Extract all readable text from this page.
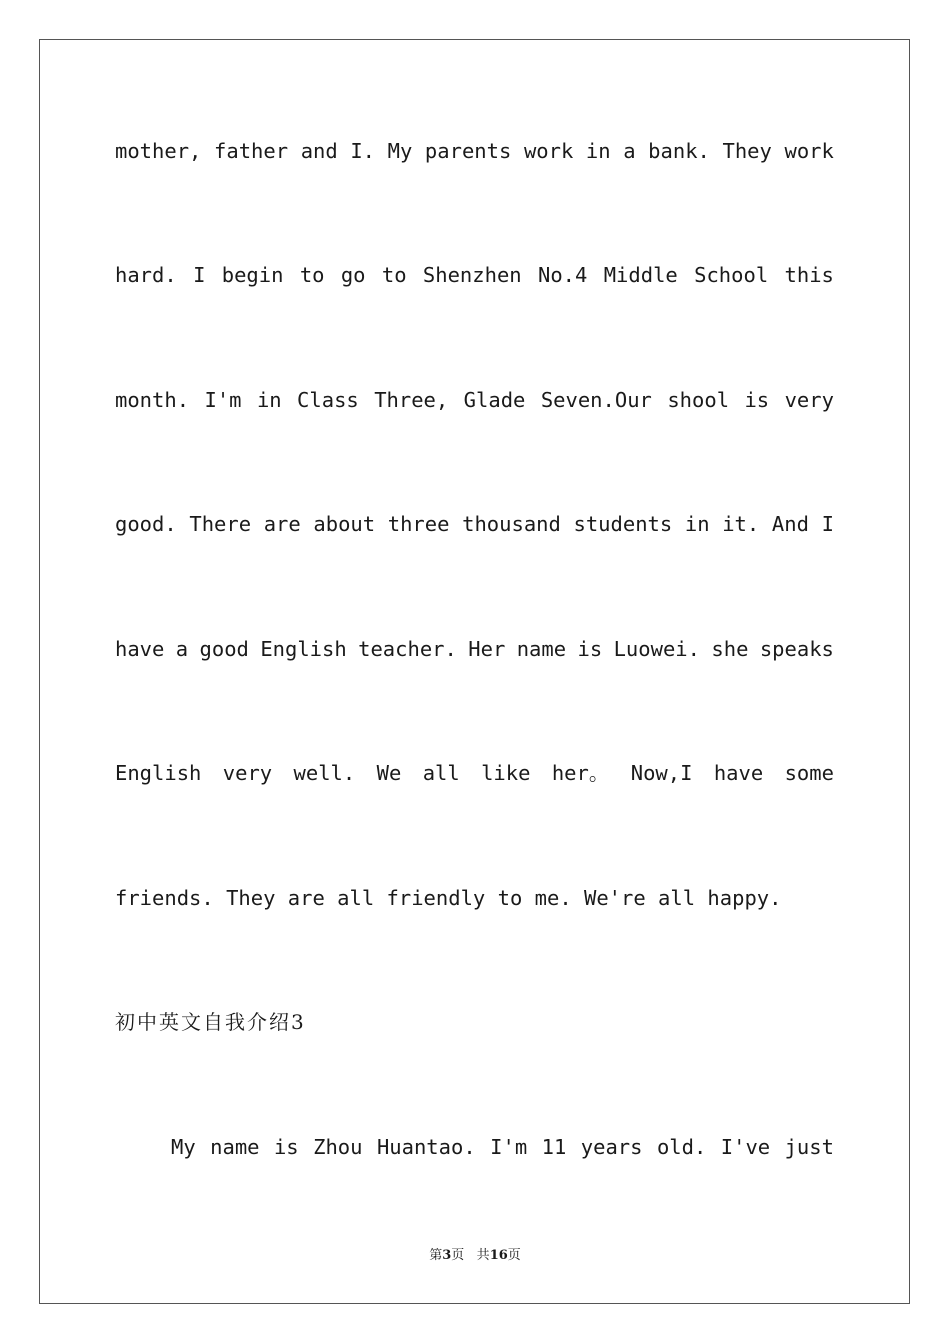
mother, father and I. My parents work in a bank. They work
hard. I begin to go to Shenzhen No.4 Middle School this
month. I'm in Class Three, Glade Seven.Our shool is very
good. There are about three thousand students in it. And I
have a good English teacher. Her name is Luowei. she speaks
English very well. We all like her。 Now,I have some
friends. They are all friendly to me. We're all happy.
初中英文自我介绍3
My name is Zhou Huantao. I'm 11 years old. I've just
第3页 共16页
